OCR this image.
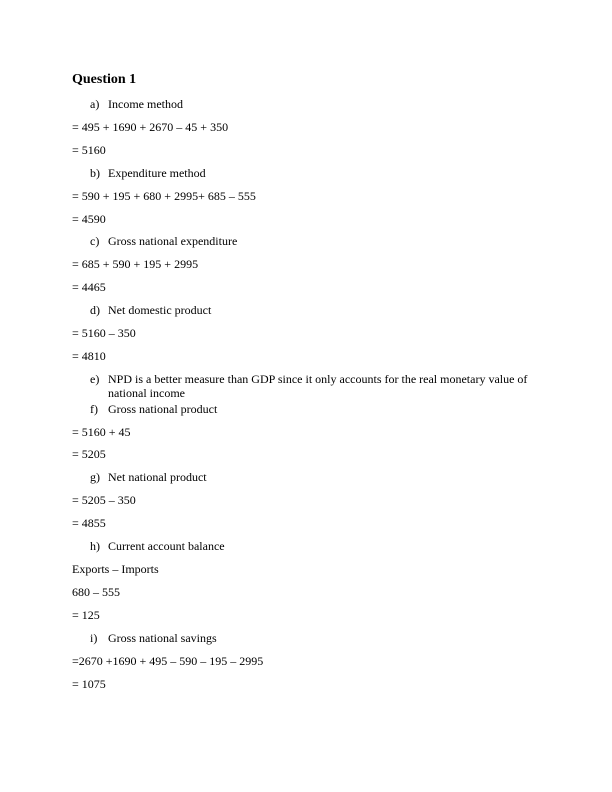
Question 1
a) Income method
= 495 + 1690 + 2670 – 45 + 350
= 5160
b) Expenditure method
= 590 + 195 + 680 + 2995+ 685 – 555
= 4590
c) Gross national expenditure
= 685 + 590 + 195 + 2995
= 4465
d) Net domestic product
= 5160 – 350
= 4810
e) NPD is a better measure than GDP since it only accounts for the real monetary value of national income
f) Gross national product
= 5160 + 45
= 5205
g) Net national product
= 5205 – 350
= 4855
h) Current account balance
Exports – Imports
680 – 555
= 125
i) Gross national savings
=2670 +1690 + 495 – 590 – 195 – 2995
= 1075
